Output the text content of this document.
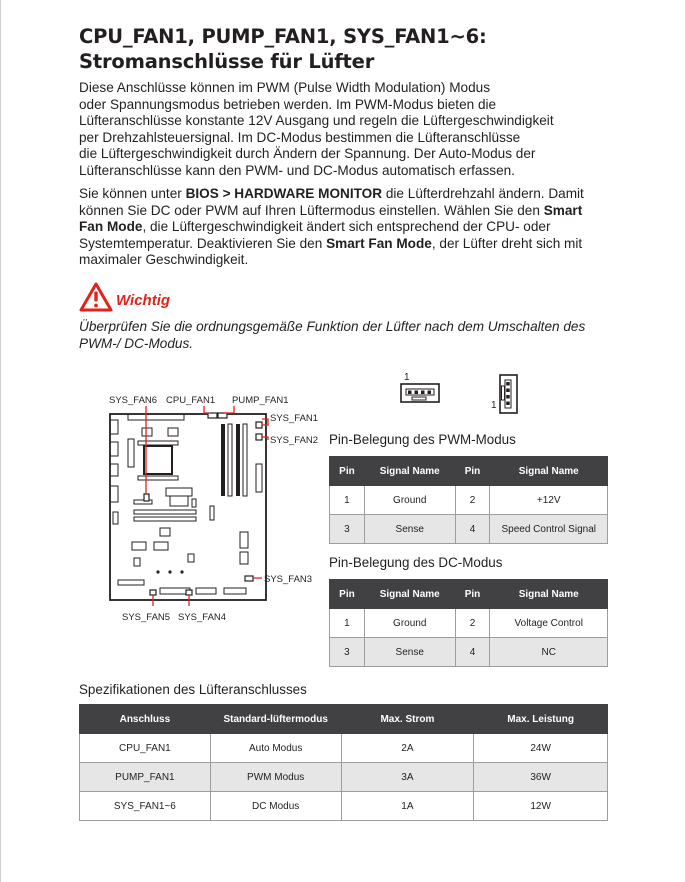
CPU_FAN1, PUMP_FAN1, SYS_FAN1~6:
Stromanschlüsse für Lüfter
Diese Anschlüsse können im PWM (Pulse Width Modulation) Modus
oder Spannungsmodus betrieben werden. Im PWM-Modus bieten die
Lüfteranschlüsse konstante 12V Ausgang und regeln die Lüftergeschwindigkeit
per Drehzahlsteuersignal. Im DC-Modus bestimmen die Lüfteranschlüsse
die Lüftergeschwindigkeit durch Ändern der Spannung. Der Auto-Modus der
Lüfteranschlüsse kann den PWM- und DC-Modus automatisch erfassen.
Sie können unter BIOS > HARDWARE MONITOR die Lüfterdrehzahl ändern. Damit
können Sie DC oder PWM auf Ihren Lüftermodus einstellen. Wählen Sie den Smart
Fan Mode, die Lüftergeschwindigkeit ändert sich entsprechend der CPU- oder
Systemtemperatur. Deaktivieren Sie den Smart Fan Mode, der Lüfter dreht sich mit
maximaler Geschwindigkeit.
Wichtig
Überprüfen Sie die ordnungsgemäße Funktion der Lüfter nach dem Umschalten des
PWM-/ DC-Modus.
SYS_FAN6 CPU_FAN1 PUMP_FAN1
SYS_FAN1
SYS_FAN2
SYS_FAN3
SYS_FAN5 SYS_FAN4
1
1
Pin-Belegung des PWM-Modus
Pin	Signal Name	Pin	Signal Name
1	Ground	2	+12V
3	Sense	4	Speed Control Signal
Pin-Belegung des DC-Modus
Pin	Signal Name	Pin	Signal Name
1	Ground	2	Voltage Control
3	Sense	4	NC
Spezifikationen des Lüfteranschlusses
Anschluss	Standard-lüftermodus	Max. Strom	Max. Leistung
CPU_FAN1	Auto Modus	2A	24W
PUMP_FAN1	PWM Modus	3A	36W
SYS_FAN1~6	DC Modus	1A	12W
